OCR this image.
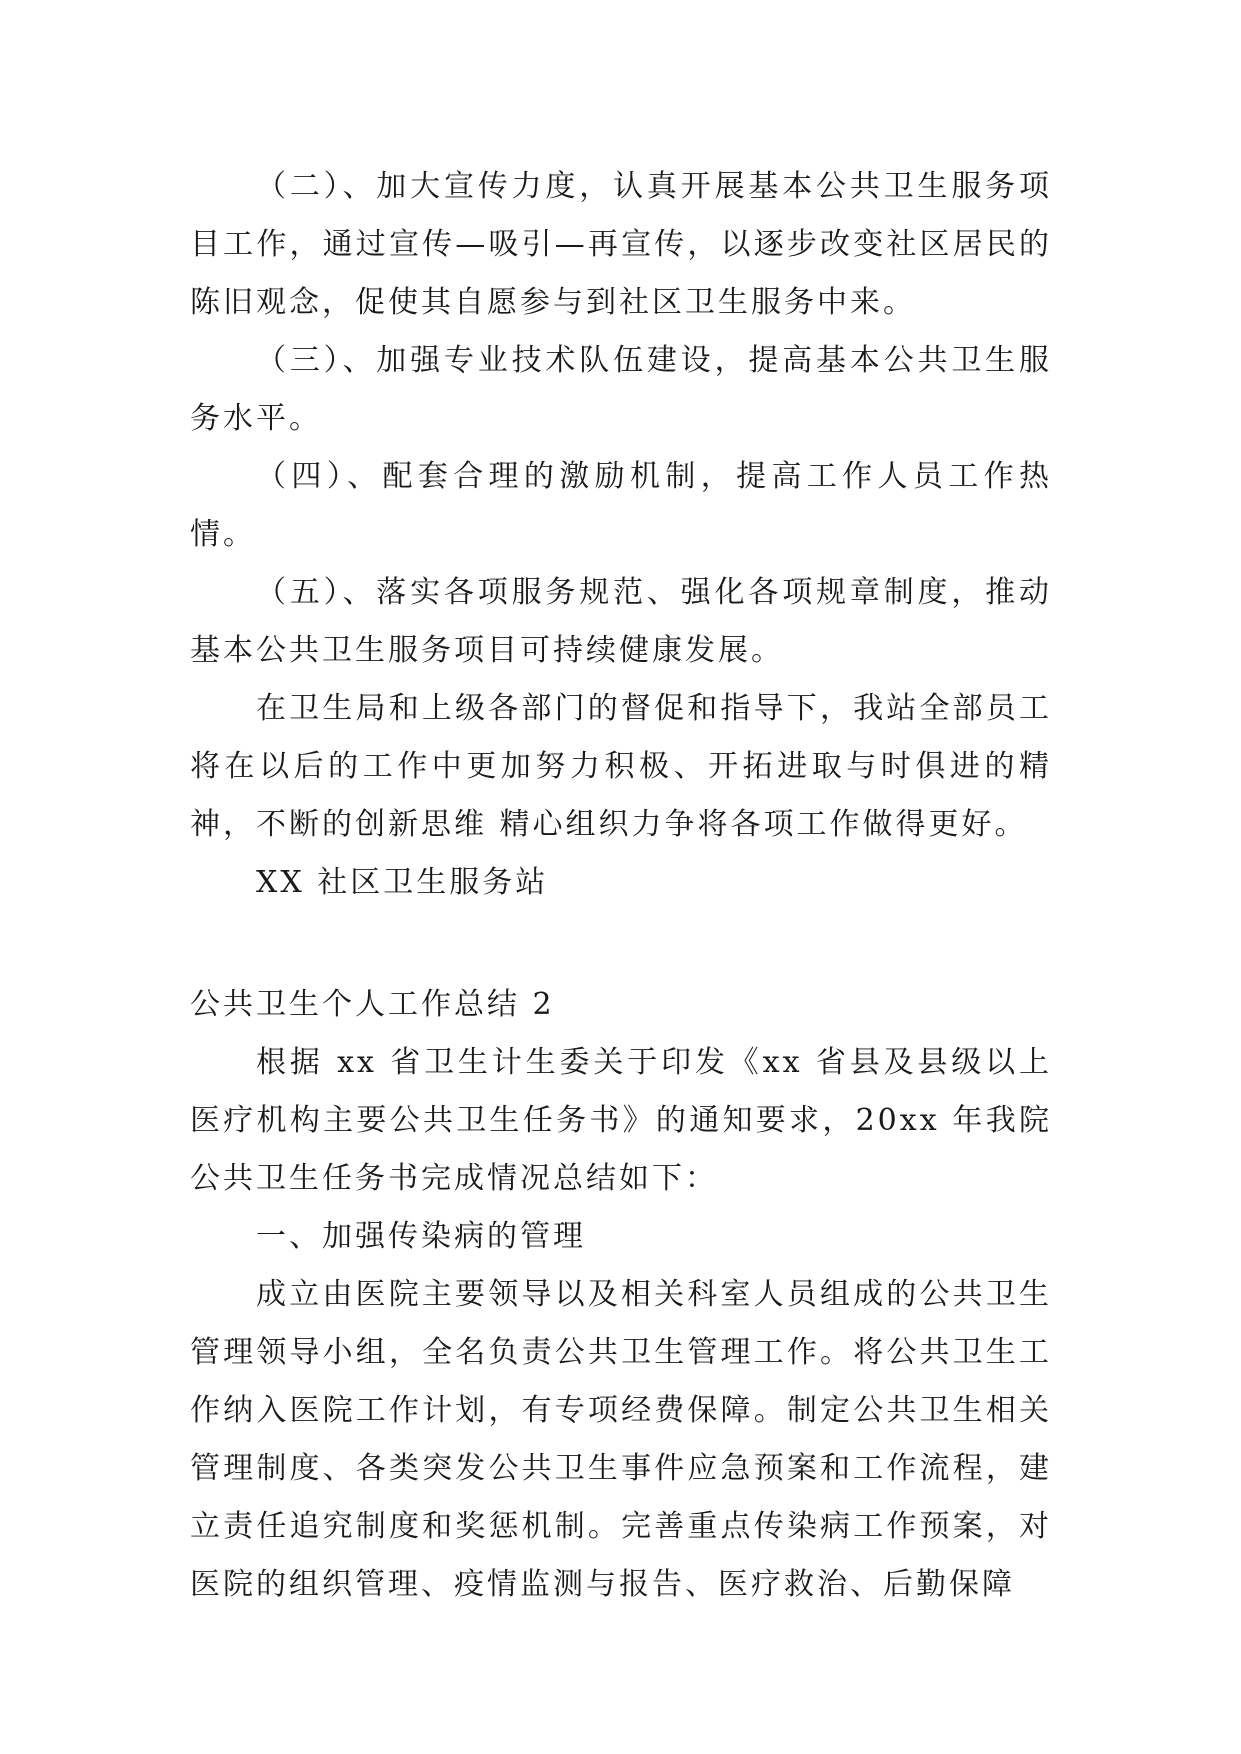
（二）、加大宣传力度，认真开展基本公共卫生服务项目工作，通过宣传—吸引—再宣传，以逐步改变社区居民的陈旧观念，促使其自愿参与到社区卫生服务中来。

（三）、加强专业技术队伍建设，提高基本公共卫生服务水平。

（四）、配套合理的激励机制，提高工作人员工作热情。

（五）、落实各项服务规范、强化各项规章制度，推动基本公共卫生服务项目可持续健康发展。

在卫生局和上级各部门的督促和指导下，我站全部员工将在以后的工作中更加努力积极、开拓进取与时俱进的精神，不断的创新思维 精心组织力争将各项工作做得更好。

XX 社区卫生服务站

公共卫生个人工作总结 2

根据 xx 省卫生计生委关于印发《xx 省县及县级以上医疗机构主要公共卫生任务书》的通知要求，20xx 年我院公共卫生任务书完成情况总结如下：

一、加强传染病的管理

成立由医院主要领导以及相关科室人员组成的公共卫生管理领导小组，全名负责公共卫生管理工作。将公共卫生工作纳入医院工作计划，有专项经费保障。制定公共卫生相关管理制度、各类突发公共卫生事件应急预案和工作流程，建立责任追究制度和奖惩机制。完善重点传染病工作预案，对医院的组织管理、疫情监测与报告、医疗救治、后勤保障
